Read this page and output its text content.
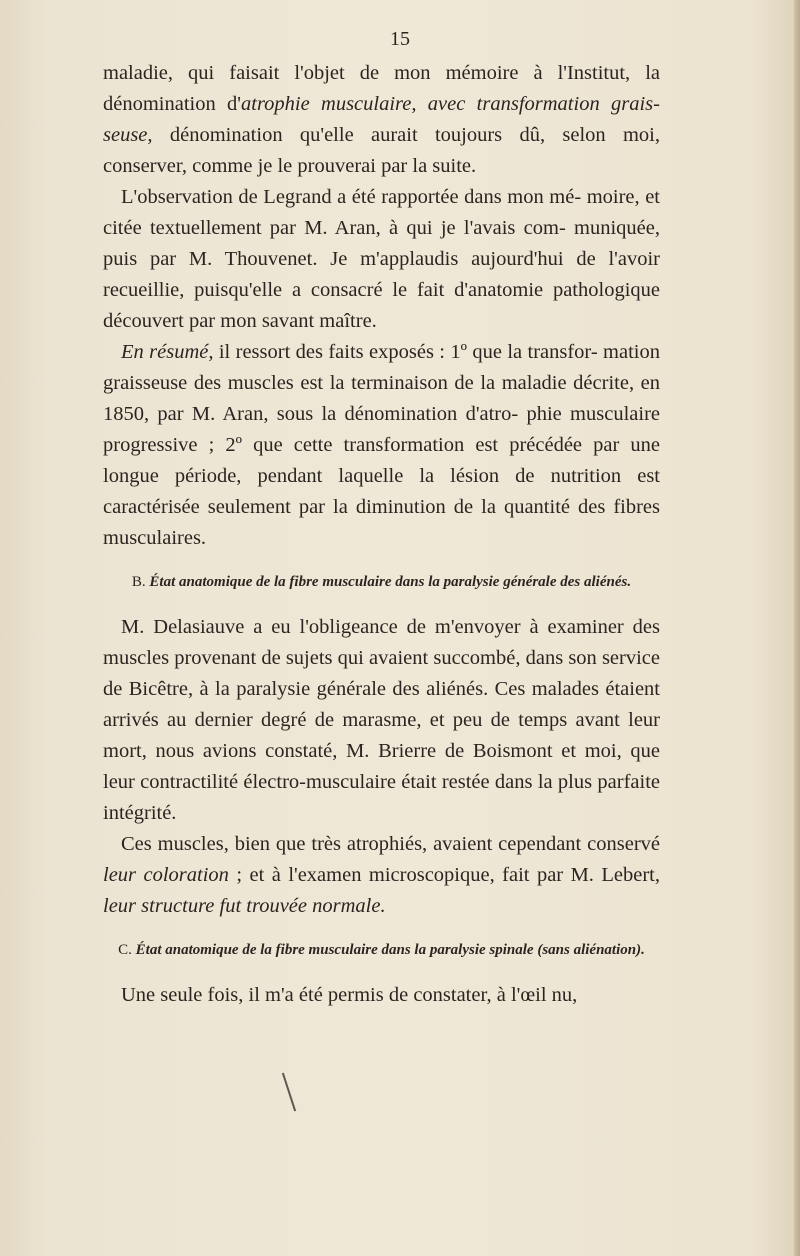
15

maladie, qui faisait l'objet de mon mémoire à l'Institut, la dénomination d'atrophie musculaire, avec transformation grais- seuse, dénomination qu'elle aurait toujours dû, selon moi, conserver, comme je le prouverai par la suite.

L'observation de Legrand a été rapportée dans mon mé- moire, et citée textuellement par M. Aran, à qui je l'avais com- muniquée, puis par M. Thouvenet. Je m'applaudis aujourd'hui de l'avoir recueillie, puisqu'elle a consacré le fait d'anatomie pathologique découvert par mon savant maître.

En résumé, il ressort des faits exposés : 1º que la transfor- mation graisseuse des muscles est la terminaison de la maladie décrite, en 1850, par M. Aran, sous la dénomination d'atro- phie musculaire progressive ; 2º que cette transformation est précédée par une longue période, pendant laquelle la lésion de nutrition est caractérisée seulement par la diminution de la quantité des fibres musculaires.

B. État anatomique de la fibre musculaire dans la paralysie générale des aliénés.

M. Delasiauve a eu l'obligeance de m'envoyer à examiner des muscles provenant de sujets qui avaient succombé, dans son service de Bicêtre, à la paralysie générale des aliénés. Ces malades étaient arrivés au dernier degré de marasme, et peu de temps avant leur mort, nous avions constaté, M. Brierre de Boismont et moi, que leur contractilité électro-musculaire était restée dans la plus parfaite intégrité.

Ces muscles, bien que très atrophiés, avaient cependant conservé leur coloration ; et à l'examen microscopique, fait par M. Lebert, leur structure fut trouvée normale.

C. État anatomique de la fibre musculaire dans la paralysie spinale (sans aliénation).

Une seule fois, il m'a été permis de constater, à l'œil nu,
